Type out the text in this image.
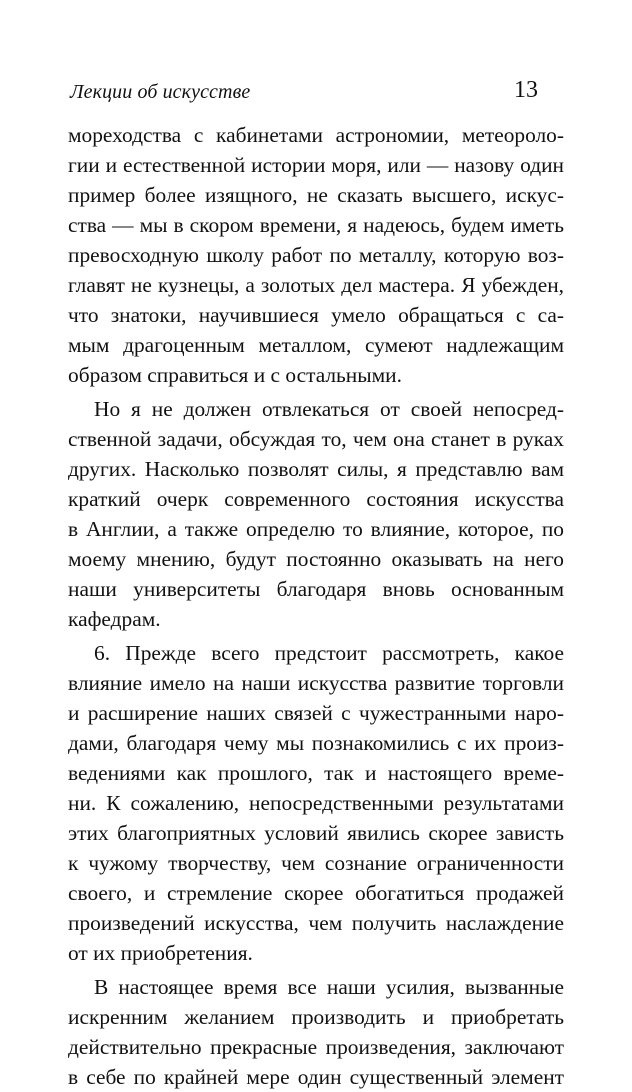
Лекции об искусстве	13
мореходства с кабинетами астрономии, метеороло-
гии и естественной истории моря, или — назову один
пример более изящного, не сказать высшего, искус-
ства — мы в скором времени, я надеюсь, будем иметь
превосходную школу работ по металлу, которую воз-
главят не кузнецы, а золотых дел мастера. Я убежден,
что знатоки, научившиеся умело обращаться с са-
мым драгоценным металлом, сумеют надлежащим
образом справиться и с остальными.
Но я не должен отвлекаться от своей непосред-
ственной задачи, обсуждая то, чем она станет в руках
других. Насколько позволят силы, я представлю вам
краткий очерк современного состояния искусства
в Англии, а также определю то влияние, которое, по
моему мнению, будут постоянно оказывать на него
наши университеты благодаря вновь основанным
кафедрам.
6. Прежде всего предстоит рассмотреть, какое
влияние имело на наши искусства развитие торговли
и расширение наших связей с чужестранными наро-
дами, благодаря чему мы познакомились с их произ-
ведениями как прошлого, так и настоящего време-
ни. К сожалению, непосредственными результатами
этих благоприятных условий явились скорее зависть
к чужому творчеству, чем сознание ограниченности
своего, и стремление скорее обогатиться продажей
произведений искусства, чем получить наслаждение
от их приобретения.
В настоящее время все наши усилия, вызванные
искренним желанием производить и приобретать
действительно прекрасные произведения, заключают
в себе по крайней мере один существенный элемент
